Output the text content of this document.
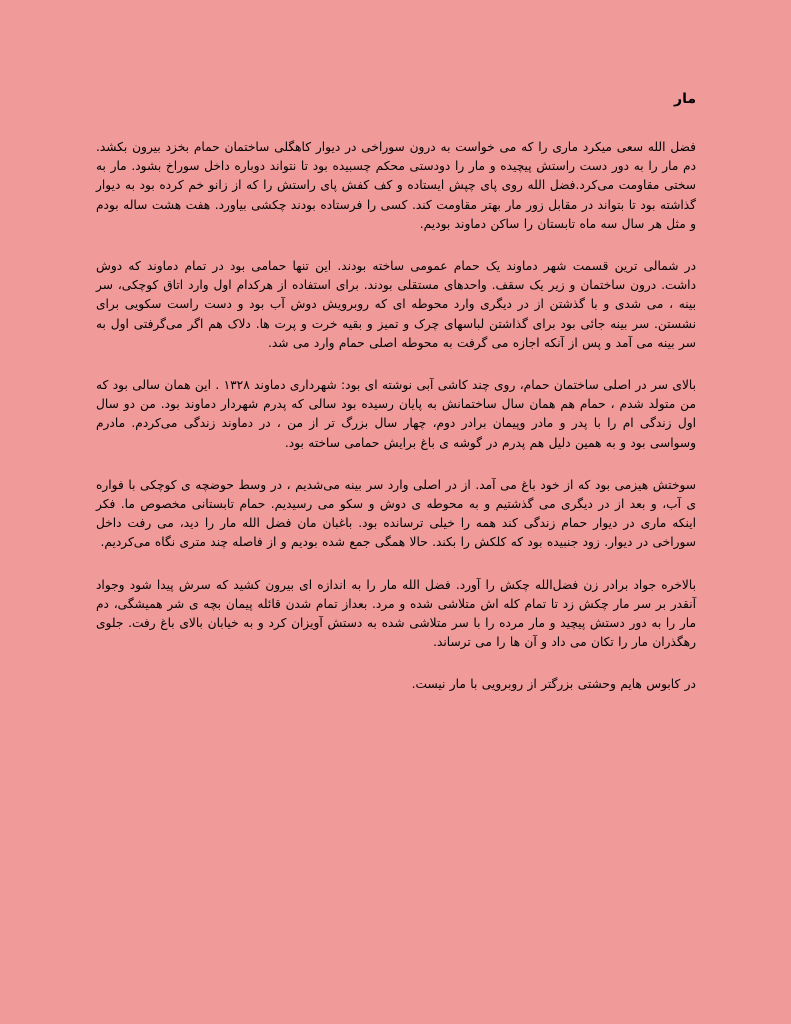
مار

فضل الله سعی میکرد ماری را که می خواست به درون سوراخی در دیوار کاهگلی ساختمان حمام بخزد بیرون بکشد. دم مار را به دور دست راستش پیچیده و مار را دودستی محکم چسبیده بود تا نتواند دوباره داخل سوراخ بشود. مار به سختی مقاومت می‌کرد.فضل الله روی پای چپش ایستاده و کف کفش پای راستش را که از زانو خم کرده بود به دیوار گذاشته بود تا بتواند در مقابل زور مار بهتر مقاومت کند. کسی را فرستاده بودند چکشی بیاورد. هفت هشت ساله بودم و مثل هر سال سه ماه تابستان را ساکن دماوند بودیم.

در شمالی ترین قسمت شهر دماوند یک حمام عمومی ساخته بودند. این تنها حمامی بود در تمام دماوند که دوش داشت. درون ساختمان و زیر یک سقف. واحدهای مستقلی بودند. برای استفاده از هرکدام اول وارد اتاق کوچکی، سر بینه ، می شدی و با گذشتن از در دیگری وارد محوطه ای که روبرویش دوش آب بود و دست راست سکویی برای نشستن. سر بینه جائی بود برای گذاشتن لباسهای چرک و تمیز و بقیه خرت و پرت ها. دلاک هم اگر می‌گرفتی اول به سر بینه می آمد و پس از آنکه اجازه می گرفت به محوطه اصلی حمام وارد می شد.

بالای سر در اصلی ساختمان حمام، روی چند کاشی آبی نوشته ای بود: شهرداری دماوند ۱۳۲۸ . این همان سالی بود که من متولد شدم ، حمام هم همان سال ساختمانش به پایان رسیده بود سالی که پدرم شهردار دماوند بود. من دو سال اول زندگی ام را با پدر و مادر وپیمان برادر دوم، چهار سال بزرگ تر از من ، در دماوند زندگی می‌کردم. مادرم وسواسی بود و به همین دلیل هم پدرم در گوشه ی باغ برایش حمامی ساخته بود.

سوختش هیزمی بود که از خود باغ می آمد. از در اصلی وارد سر بینه می‌شدیم ، در وسط حوضچه ی کوچکی با فواره ی آب، و بعد از در دیگری می گذشتیم و به محوطه ی دوش و سکو می رسیدیم. حمام تابستانی مخصوص ما. فکر اینکه ماری در دیوار حمام زندگی کند همه را خیلی ترسانده بود. باغبان مان فضل الله مار را دید، می رفت داخل سوراخی در دیوار. زود جنبیده بود که کلکش را بکند. حالا همگی جمع شده بودیم و از فاصله چند متری نگاه می‌کردیم.

بالاخره جواد برادر زن فضل‌الله چکش را آورد. فضل الله مار را به اندازه ای بیرون کشید که سرش پیدا شود وجواد آنقدر بر سر مار چکش زد تا تمام کله اش متلاشی شده و مرد. بعداز تمام شدن قائله پیمان بچه ی شر همیشگی، دم مار را به دور دستش پیچید و مار مرده را با سر متلاشی شده به دستش آویزان کرد و به خیابان بالای باغ رفت. جلوی رهگذران مار را تکان می داد و آن ها را می ترساند.

در کابوس هایم وحشتی بزرگتر از روبرویی با مار نیست.
